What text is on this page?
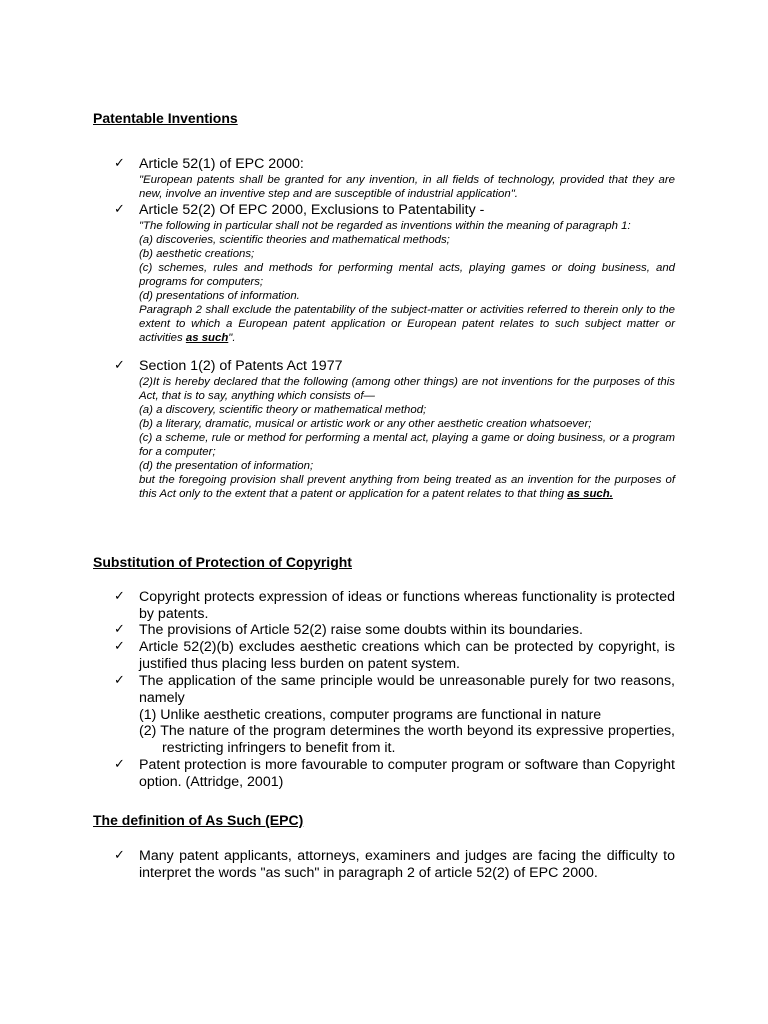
Patentable Inventions
✓ Article 52(1) of EPC 2000:

"European patents shall be granted for any invention, in all fields of technology, provided that they are new, involve an inventive step and are susceptible of industrial application".

✓ Article 52(2) Of EPC 2000, Exclusions to Patentability -

"The following in particular shall not be regarded as inventions within the meaning of paragraph 1:

(a) discoveries, scientific theories and mathematical methods;

(b) aesthetic creations;

(c) schemes, rules and methods for performing mental acts, playing games or doing business, and programs for computers;

(d) presentations of information.

Paragraph 2 shall exclude the patentability of the subject-matter or activities referred to therein only to the extent to which a European patent application or European patent relates to such subject matter or activities as such".

✓ Section 1(2) of Patents Act 1977

(2)It is hereby declared that the following (among other things) are not inventions for the purposes of this Act, that is to say, anything which consists of—

(a) a discovery, scientific theory or mathematical method;

(b) a literary, dramatic, musical or artistic work or any other aesthetic creation whatsoever;

(c) a scheme, rule or method for performing a mental act, playing a game or doing business, or a program for a computer;

(d) the presentation of information;

but the foregoing provision shall prevent anything from being treated as an invention for the purposes of this Act only to the extent that a patent or application for a patent relates to that thing as such.

Substitution of Protection of Copyright
✓ Copyright protects expression of ideas or functions whereas functionality is protected by patents.
✓ The provisions of Article 52(2) raise some doubts within its boundaries.
✓ Article 52(2)(b) excludes aesthetic creations which can be protected by copyright, is justified thus placing less burden on patent system.
✓ The application of the same principle would be unreasonable purely for two reasons, namely
(1) Unlike aesthetic creations, computer programs are functional in nature
(2) The nature of the program determines the worth beyond its expressive properties, restricting infringers to benefit from it.
✓ Patent protection is more favourable to computer program or software than Copyright option. (Attridge, 2001)
The definition of As Such (EPC)
✓ Many patent applicants, attorneys, examiners and judges are facing the difficulty to interpret the words "as such" in paragraph 2 of article 52(2) of EPC 2000.
